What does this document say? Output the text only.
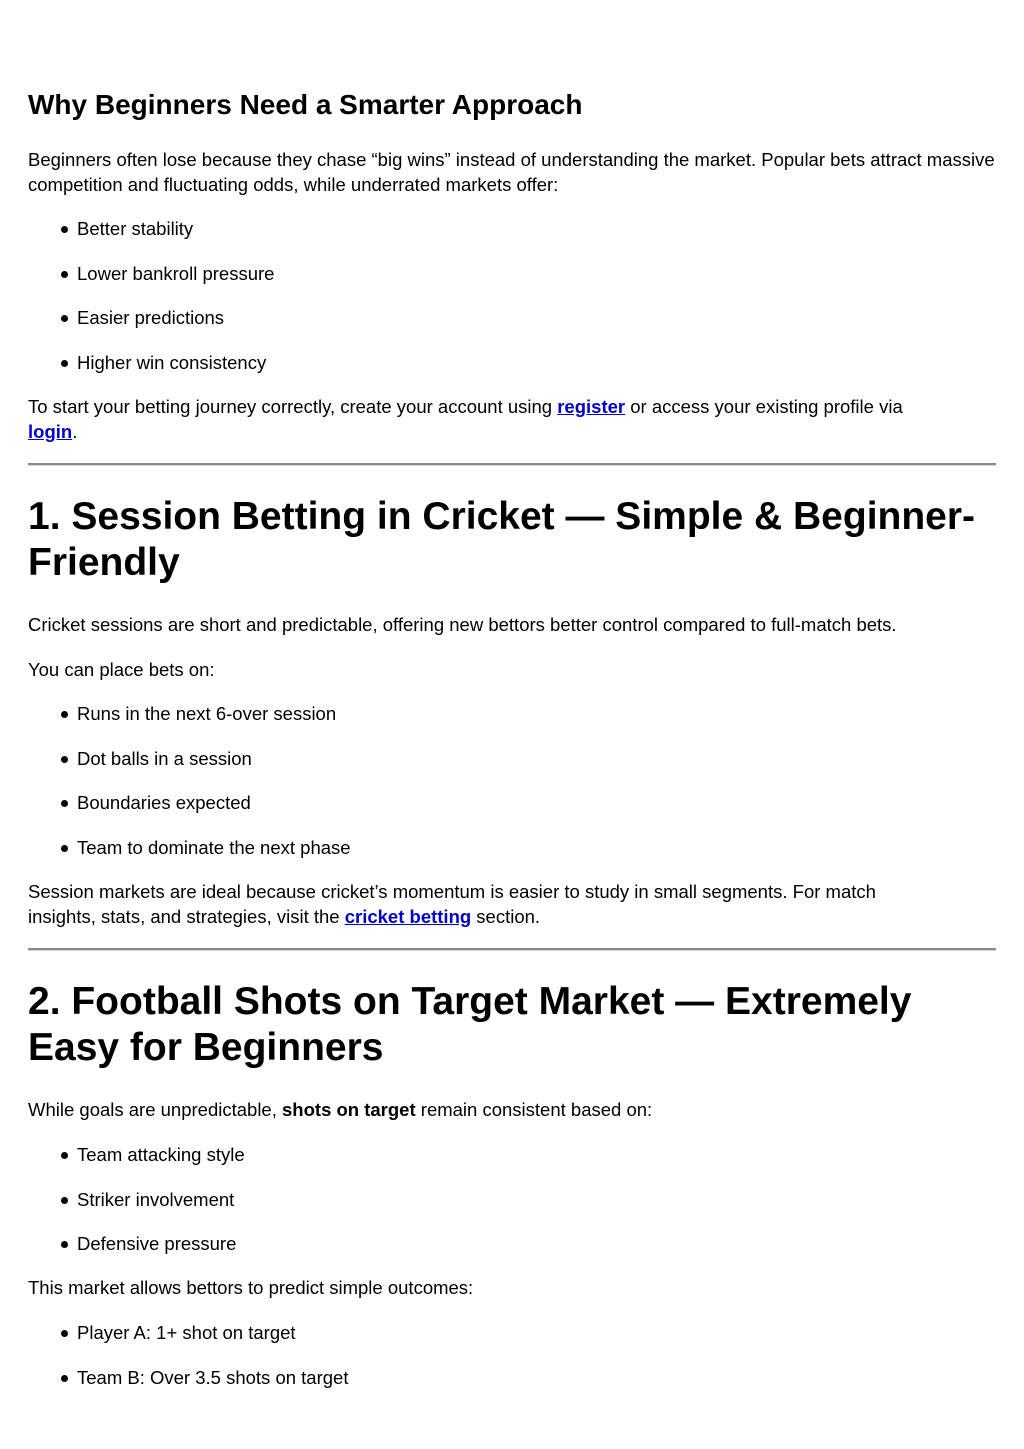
Why Beginners Need a Smarter Approach

Beginners often lose because they chase “big wins” instead of understanding the market. Popular bets attract massive competition and fluctuating odds, while underrated markets offer:

Better stability
Lower bankroll pressure
Easier predictions
Higher win consistency

To start your betting journey correctly, create your account using register or access your existing profile via
login.

1. Session Betting in Cricket — Simple & Beginner-
Friendly

Cricket sessions are short and predictable, offering new bettors better control compared to full-match bets.

You can place bets on:

Runs in the next 6-over session
Dot balls in a session
Boundaries expected
Team to dominate the next phase

Session markets are ideal because cricket’s momentum is easier to study in small segments. For match
insights, stats, and strategies, visit the cricket betting section.

2. Football Shots on Target Market — Extremely
Easy for Beginners

While goals are unpredictable, shots on target remain consistent based on:

Team attacking style
Striker involvement
Defensive pressure

This market allows bettors to predict simple outcomes:

Player A: 1+ shot on target
Team B: Over 3.5 shots on target
